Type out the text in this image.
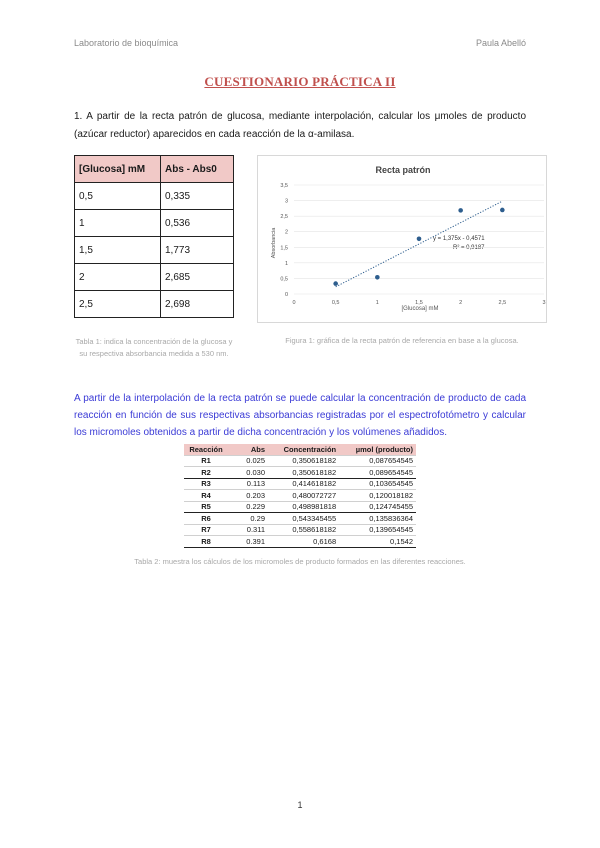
Laboratorio de bioquímica	Paula Abelló
CUESTIONARIO PRÁCTICA II

1. A partir de la recta patrón de glucosa, mediante interpolación, calcular los μmoles de producto (azúcar reductor) aparecidos en cada reacción de la α-amilasa.

[Glucosa] mM	Abs - Abs0
0,5	0,335
1	0,536
1,5	1,773
2	2,685
2,5	2,698
Recta patrón
Absorbancia
[Glucosa] mM
y = 1,375x - 0,4571
R² = 0,9187
0
0,5
1
1,5
2
2,5
3
3,5
0	0,5	1	1,5	2	2,5	3
Tabla 1: indica la concentración de la glucosa y su respectiva absorbancia medida a 530 nm.
Figura 1: gráfica de la recta patrón de referencia en base a la glucosa.

A partir de la interpolación de la recta patrón se puede calcular la concentración de producto de cada reacción en función de sus respectivas absorbancias registradas por el espectrofotómetro y calcular los micromoles obtenidos a partir de dicha concentración y los volúmenes añadidos.

Reacción	Abs	Concentración	µmol (producto)
R1	0.025	0,350618182	0,087654545
R2	0.030	0,350618182	0,089654545
R3	0.113	0,414618182	0,103654545
R4	0.203	0,480072727	0,120018182
R5	0.229	0,498981818	0,124745455
R6	0.29	0,543345455	0,135836364
R7	0.311	0,558618182	0,139654545
R8	0.391	0,6168	0,1542
Tabla 2: muestra los cálculos de los micromoles de producto formados en las diferentes reacciones.
1
